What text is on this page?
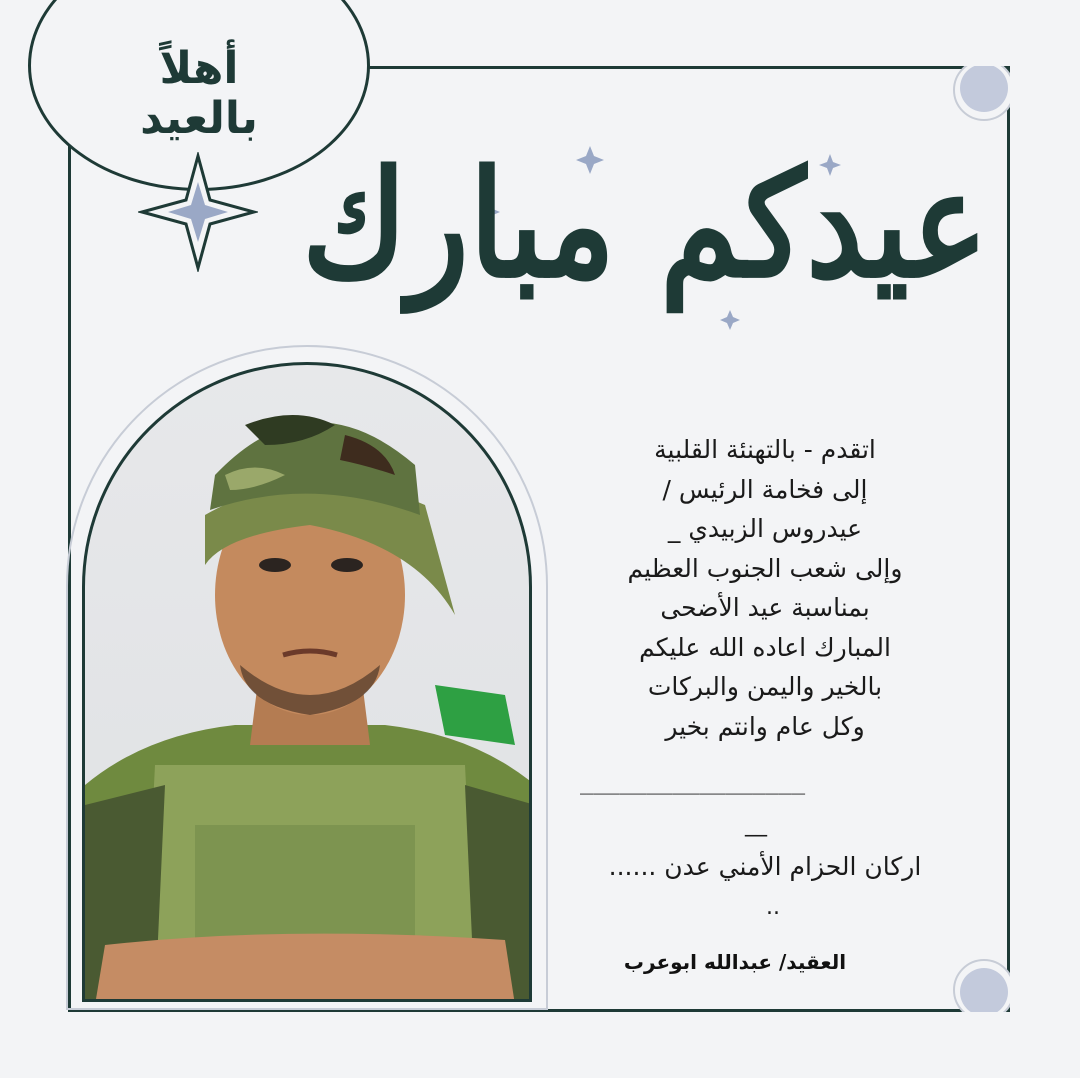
أهلاً
بالعيد
عيدكم مبارك
اتقدم - بالتهنئة القلبية
إلى فخامة الرئيس /
عيدروس الزبيدي _
وإلى شعب الجنوب العظيم
بمناسبة عيد الأضحى
المبارك اعاده الله عليكم
بالخير واليمن والبركات
وكل عام وانتم بخير
_________________
__
اركان الحزام الأمني عدن ......
..
العقيد/ عبدالله ابوعرب
